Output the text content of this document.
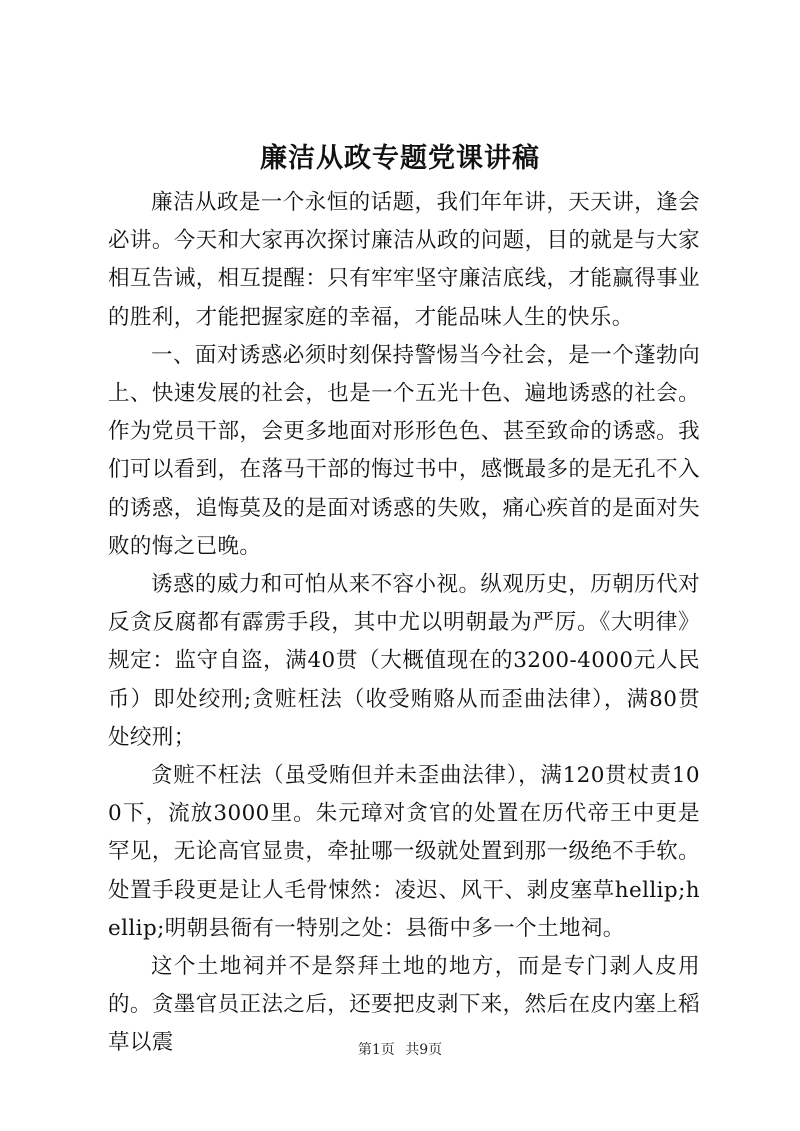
廉洁从政专题党课讲稿

廉洁从政是一个永恒的话题，我们年年讲，天天讲，逢会必讲。今天和大家再次探讨廉洁从政的问题，目的就是与大家相互告诫，相互提醒：只有牢牢坚守廉洁底线，才能赢得事业的胜利，才能把握家庭的幸福，才能品味人生的快乐。

一、面对诱惑必须时刻保持警惕当今社会，是一个蓬勃向上、快速发展的社会，也是一个五光十色、遍地诱惑的社会。作为党员干部，会更多地面对形形色色、甚至致命的诱惑。我们可以看到，在落马干部的悔过书中，感慨最多的是无孔不入的诱惑，追悔莫及的是面对诱惑的失败，痛心疾首的是面对失败的悔之已晚。

诱惑的威力和可怕从来不容小视。纵观历史，历朝历代对反贪反腐都有霹雳手段，其中尤以明朝最为严厉。《大明律》规定：监守自盗，满40贯（大概值现在的3200-4000元人民币）即处绞刑;贪赃枉法（收受贿赂从而歪曲法律），满80贯处绞刑；

贪赃不枉法（虽受贿但并未歪曲法律），满120贯杖责100下，流放3000里。朱元璋对贪官的处置在历代帝王中更是罕见，无论高官显贵，牵扯哪一级就处置到那一级绝不手软。处置手段更是让人毛骨悚然：凌迟、风干、剥皮塞草hellip;hellip;明朝县衙有一特别之处：县衙中多一个土地祠。

这个土地祠并不是祭拜土地的地方，而是专门剥人皮用的。贪墨官员正法之后，还要把皮剥下来，然后在皮内塞上稻草以震	第1页 共9页
